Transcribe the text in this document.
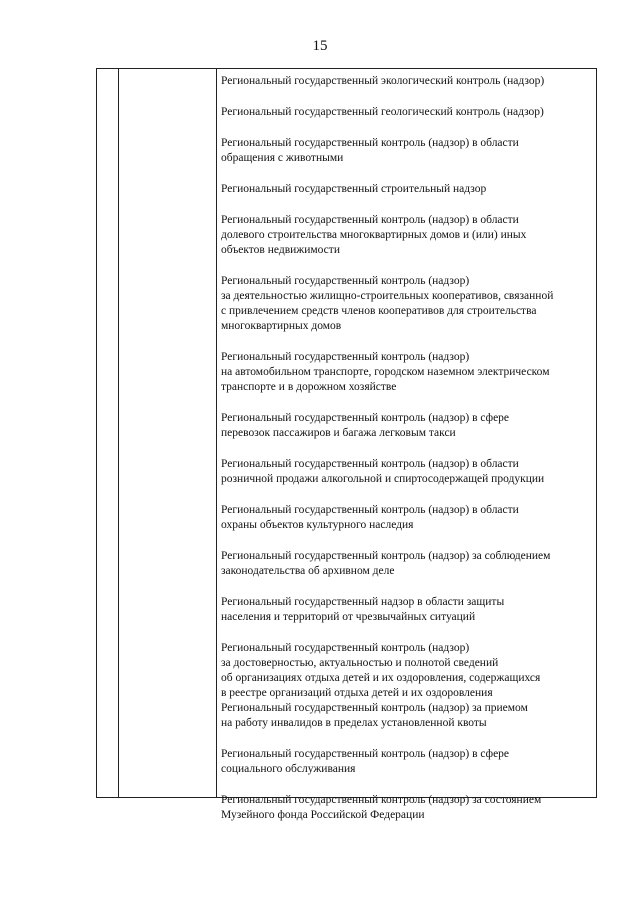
15

Региональный государственный экологический контроль (надзор)

Региональный государственный геологический контроль (надзор)

Региональный государственный контроль (надзор) в области
обращения с животными

Региональный государственный строительный надзор

Региональный государственный контроль (надзор) в области
долевого строительства многоквартирных домов и (или) иных
объектов недвижимости

Региональный государственный контроль (надзор)
за деятельностью жилищно-строительных кооперативов, связанной
с привлечением средств членов кооперативов для строительства
многоквартирных домов

Региональный государственный контроль (надзор)
на автомобильном транспорте, городском наземном электрическом
транспорте и в дорожном хозяйстве

Региональный государственный контроль (надзор) в сфере
перевозок пассажиров и багажа легковым такси

Региональный государственный контроль (надзор) в области
розничной продажи алкогольной и спиртосодержащей продукции

Региональный государственный контроль (надзор) в области
охраны объектов культурного наследия

Региональный государственный контроль (надзор) за соблюдением
законодательства об архивном деле

Региональный государственный надзор в области защиты
населения и территорий от чрезвычайных ситуаций

Региональный государственный контроль (надзор)
за достоверностью, актуальностью и полнотой сведений
об организациях отдыха детей и их оздоровления, содержащихся
в реестре организаций отдыха детей и их оздоровления

Региональный государственный контроль (надзор) за приемом
на работу инвалидов в пределах установленной квоты

Региональный государственный контроль (надзор) в сфере
социального обслуживания

Региональный государственный контроль (надзор) за состоянием
Музейного фонда Российской Федерации
